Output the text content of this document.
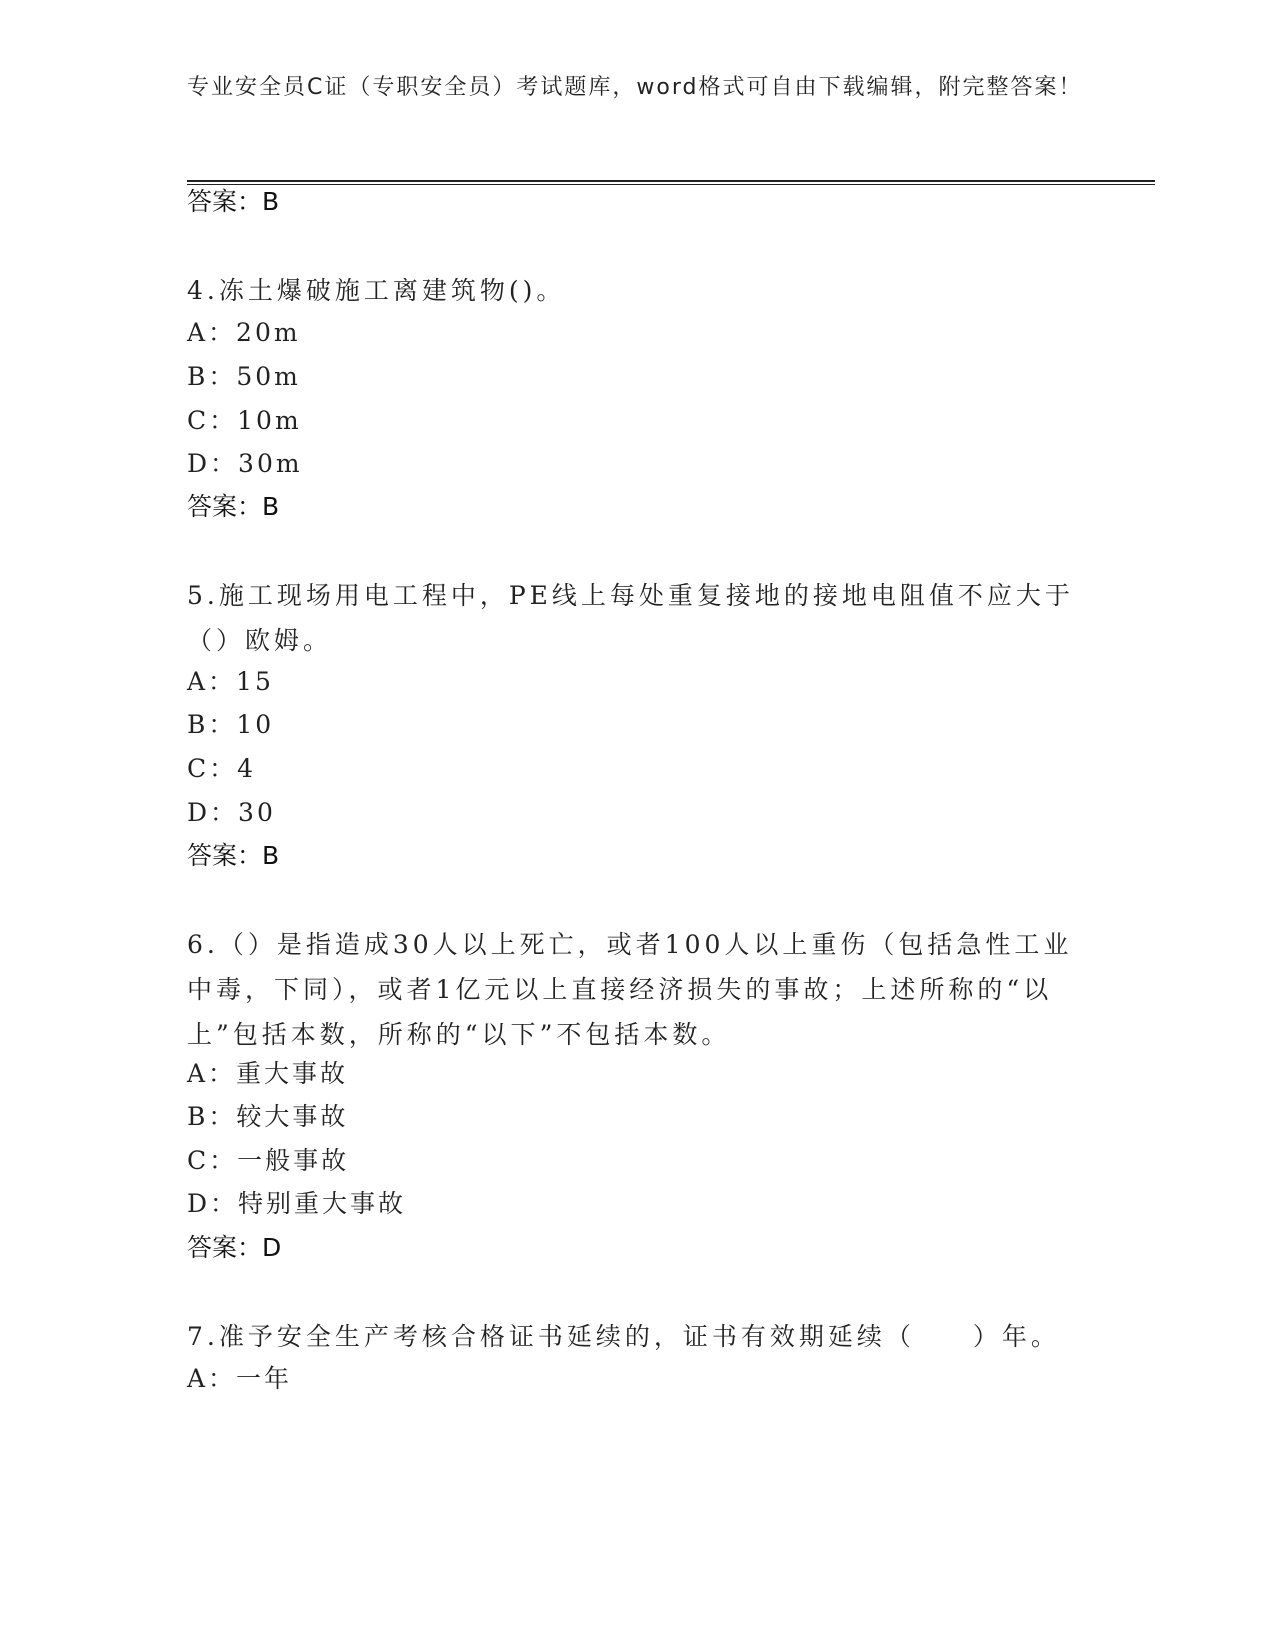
专业安全员C证（专职安全员）考试题库，word格式可自由下载编辑，附完整答案！
答案：B
4.冻土爆破施工离建筑物()。
A：20m
B：50m
C：10m
D：30m
答案：B
5.施工现场用电工程中，PE线上每处重复接地的接地电阻值不应大于（）欧姆。
A：15
B：10
C：4
D：30
答案：B
6.（）是指造成30人以上死亡，或者100人以上重伤（包括急性工业中毒，下同），或者1亿元以上直接经济损失的事故；上述所称的“以上”包括本数，所称的“以下”不包括本数。
A：重大事故
B：较大事故
C：一般事故
D：特别重大事故
答案：D
7.准予安全生产考核合格证书延续的，证书有效期延续（　　）年。
A：一年
